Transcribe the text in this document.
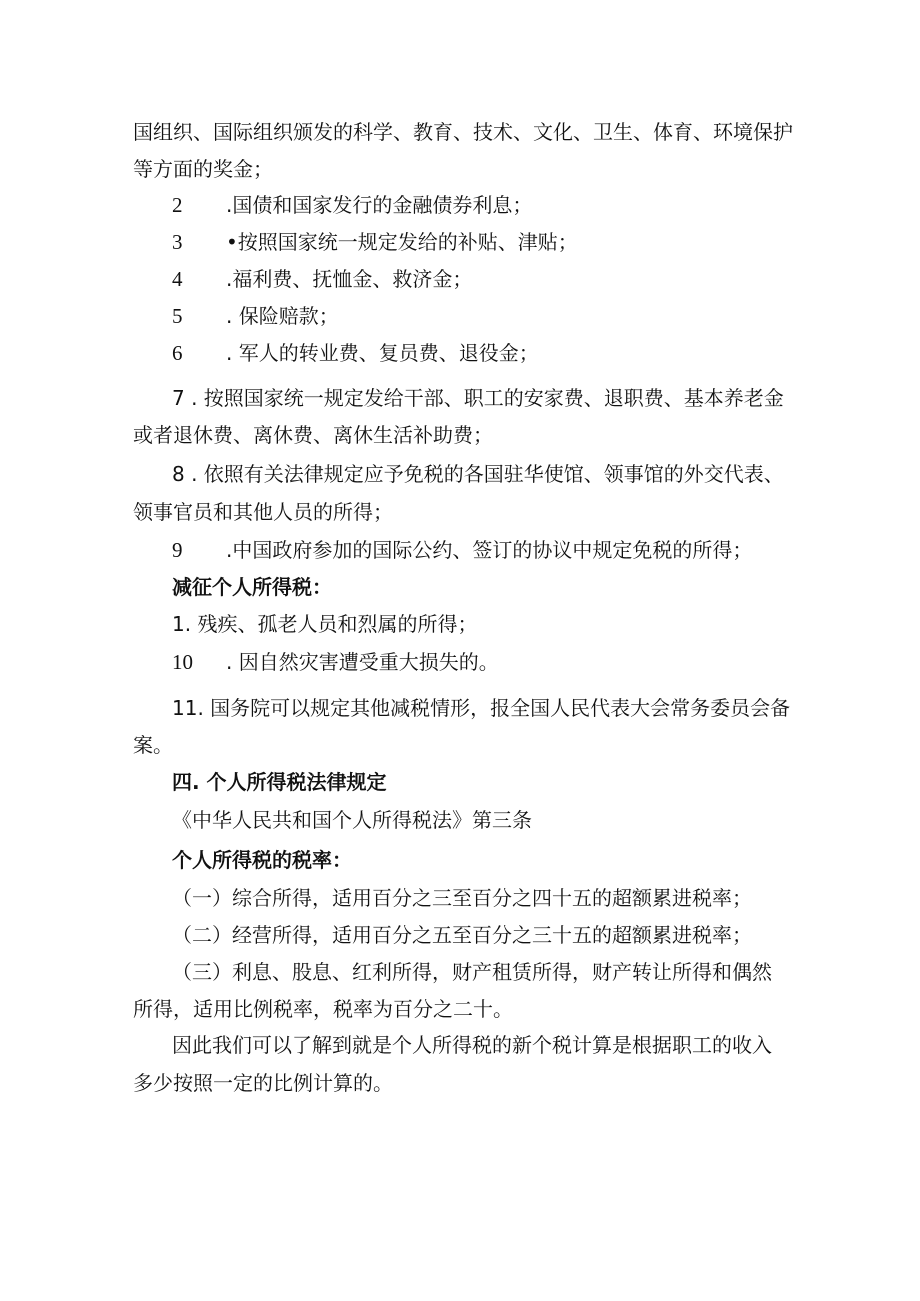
国组织、国际组织颁发的科学、教育、技术、文化、卫生、体育、环境保护
等方面的奖金；
2 .国债和国家发行的金融债券利息；
3 •按照国家统一规定发给的补贴、津贴；
4 .福利费、抚恤金、救济金；
5 . 保险赔款；
6 . 军人的转业费、复员费、退役金；
7 . 按照国家统一规定发给干部、职工的安家费、退职费、基本养老金
或者退休费、离休费、离休生活补助费；
8 . 依照有关法律规定应予免税的各国驻华使馆、领事馆的外交代表、
领事官员和其他人员的所得；
9 .中国政府参加的国际公约、签订的协议中规定免税的所得；
减征个人所得税：
1. 残疾、孤老人员和烈属的所得；
10 . 因自然灾害遭受重大损失的。
11. 国务院可以规定其他减税情形，报全国人民代表大会常务委员会备
案。
四. 个人所得税法律规定
《中华人民共和国个人所得税法》第三条
个人所得税的税率：
（一）综合所得，适用百分之三至百分之四十五的超额累进税率；
（二）经营所得，适用百分之五至百分之三十五的超额累进税率；
（三）利息、股息、红利所得，财产租赁所得，财产转让所得和偶然
所得，适用比例税率，税率为百分之二十。
因此我们可以了解到就是个人所得税的新个税计算是根据职工的收入
多少按照一定的比例计算的。
